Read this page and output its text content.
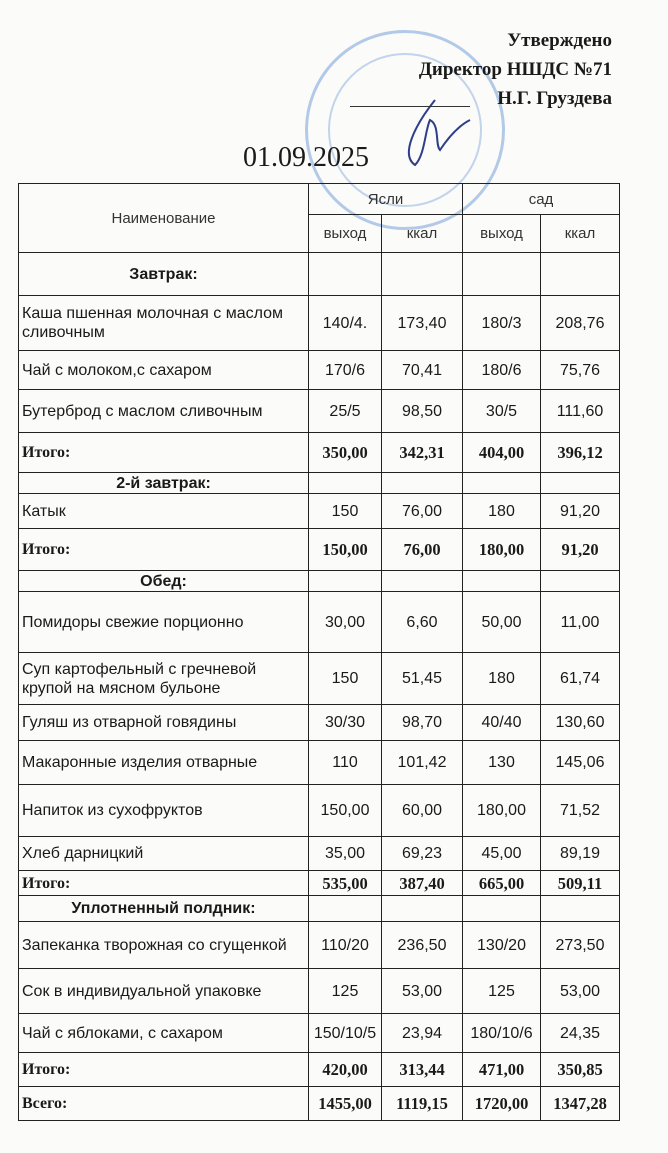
Утверждено
Директор НШДС №71
Н.Г. Груздева
01.09.2025
Наименование	Ясли		сад	
	выход	ккал	выход	ккал
Завтрак:				
Каша пшенная молочная с маслом сливочным	140/4.	173,40	180/3	208,76
Чай с молоком,с сахаром	170/6	70,41	180/6	75,76
Бутерброд с маслом сливочным	25/5	98,50	30/5	111,60
Итого:	350,00	342,31	404,00	396,12
2-й завтрак:				
Катык	150	76,00	180	91,20
Итого:	150,00	76,00	180,00	91,20
Обед:				
Помидоры свежие порционно	30,00	6,60	50,00	11,00
Суп картофельный с гречневой крупой на мясном бульоне	150	51,45	180	61,74
Гуляш из отварной говядины	30/30	98,70	40/40	130,60
Макаронные изделия отварные	110	101,42	130	145,06
Напиток из сухофруктов	150,00	60,00	180,00	71,52
Хлеб дарницкий	35,00	69,23	45,00	89,19
Итого:	535,00	387,40	665,00	509,11
Уплотненный полдник:				
Запеканка творожная со сгущенкой	110/20	236,50	130/20	273,50
Сок в индивидуальной упаковке	125	53,00	125	53,00
Чай с яблоками, с сахаром	150/10/5	23,94	180/10/6	24,35
Итого:	420,00	313,44	471,00	350,85
Всего:	1455,00	1119,15	1720,00	1347,28
